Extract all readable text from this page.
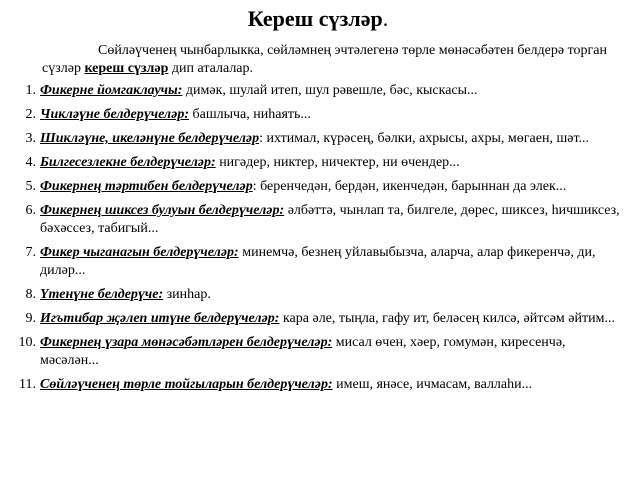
Кереш сүзләр.

Сөйләүченең чынбарлыкка, сөйләмнең эчтәлегенә төрле мөнәсәбәтен белдерә торган сүзләр кереш сүзләр дип аталалар.

1. Фикерне йомгаклаучы: димәк, шулай итеп, шул рәвешле, бәс, кыскасы...
2. Чикләүне белдерүчеләр: башлыча, ниһаять...
3. Шикләүне, икеләнүне белдерүчеләр: ихтимал, күрәсең, бәлки, ахрысы, ахры, мөгаен, шәт...
4. Билгесезлекне белдерүчеләр: нигәдер, никтер, ничектер, ни өчендер...
5. Фикернең тәртибен белдерүчеләр: беренчедән, бердән, икенчедән, барыннан да элек...
6. Фикернең шиксез булуын белдерүчеләр: әлбәттә, чынлап та, билгеле, дөрес, шиксез, һичшиксез, бәхәссез, табигый...
7. Фикер чыганагын белдерүчеләр: минемчә, безнең уйлавыбызча, аларча, алар фикеренчә, ди, диләр...
8. Үтенүне белдерүче: зинһар.
9. Игътибар җәлеп итүне белдерүчеләр: кара әле, тыңла, гафу ит, беләсең килсә, әйтсәм әйтим...
10. Фикернең үзара мөнәсәбәтләрен белдерүчеләр: мисал өчен, хәер, гомумән, киресенчә, мәсәлән...
11. Сөйләүченең төрле тойгыларын белдерүчеләр: имеш, янәсе, ичмасам, валлаһи...
